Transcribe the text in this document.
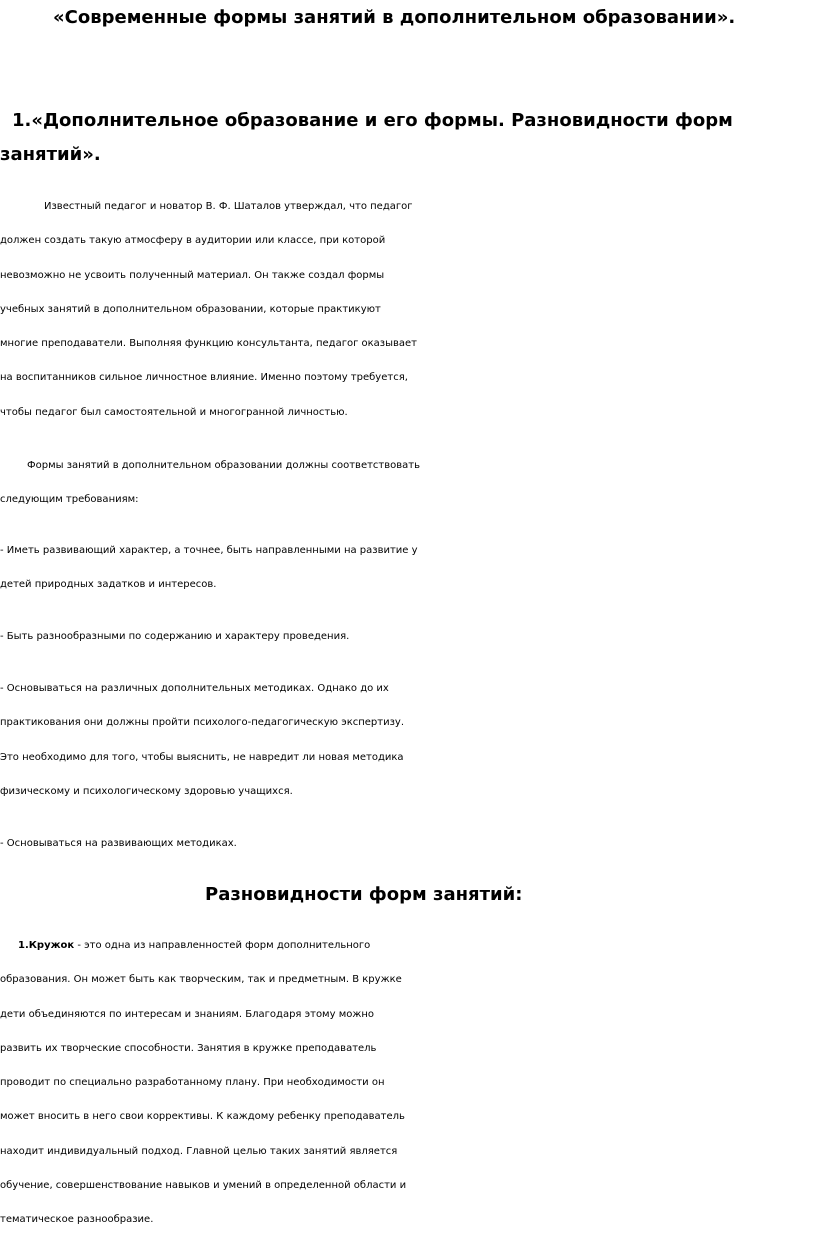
«Современные формы занятий в дополнительном образовании».
1.«Дополнительное образование и его формы. Разновидности форм занятий».

Известный педагог и новатор В. Ф. Шаталов утверждал, что педагог
должен создать такую атмосферу в аудитории или классе, при которой
невозможно не усвоить полученный материал. Он также создал формы
учебных занятий в дополнительном образовании, которые практикуют
многие преподаватели. Выполняя функцию консультанта, педагог оказывает
на воспитанников сильное личностное влияние. Именно поэтому требуется,
чтобы педагог был самостоятельной и многогранной личностью.

Формы занятий в дополнительном образовании должны соответствовать
следующим требованиям:

- Иметь развивающий характер, а точнее, быть направленными на развитие у
детей природных задатков и интересов.

- Быть разнообразными по содержанию и характеру проведения.

- Основываться на различных дополнительных методиках. Однако до их
практикования они должны пройти психолого-педагогическую экспертизу.
Это необходимо для того, чтобы выяснить, не навредит ли новая методика
физическому и психологическому здоровью учащихся.

- Основываться на развивающих методиках.

Разновидности форм занятий:

1.Кружок - это одна из направленностей форм дополнительного
образования. Он может быть как творческим, так и предметным. В кружке
дети объединяются по интересам и знаниям. Благодаря этому можно
развить их творческие способности. Занятия в кружке преподаватель
проводит по специально разработанному плану. При необходимости он
может вносить в него свои коррективы. К каждому ребенку преподаватель
находит индивидуальный подход. Главной целью таких занятий является
обучение, совершенствование навыков и умений в определенной области и
тематическое разнообразие.
